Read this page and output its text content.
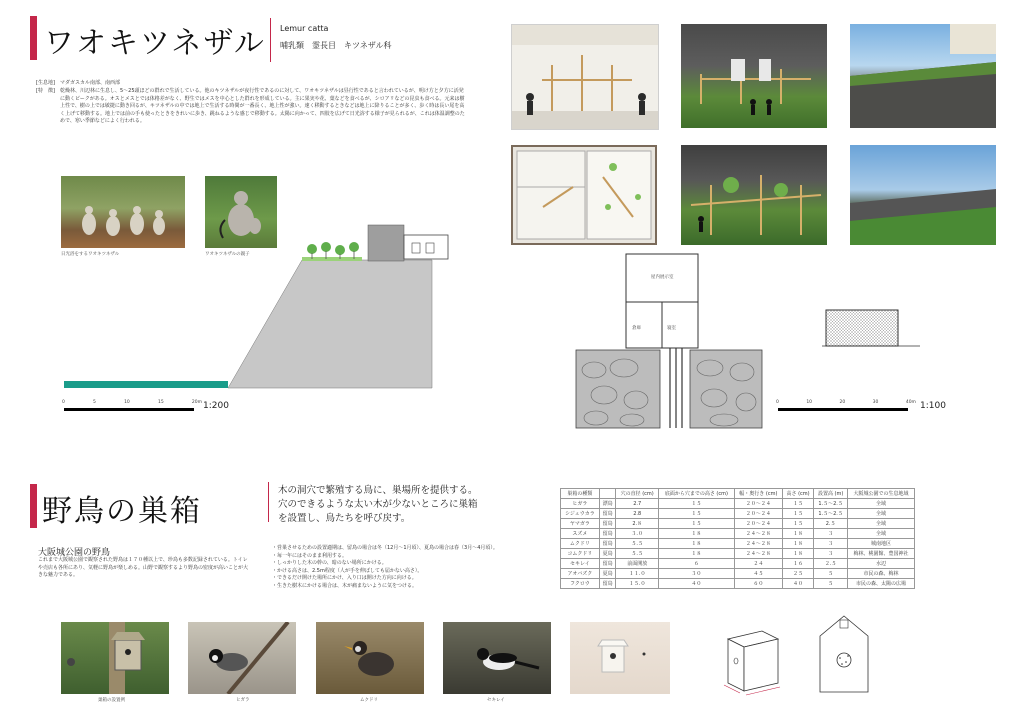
ワオキツネザル Lemur catta
哺乳類　霊長目　キツネザル科
[生息地] マダガスカル南部、南西部
[特　徴] 乾燥林、川辺林に生息し、5〜25頭ほどの群れで生活している。他のキツネザルが夜行性であるのに対して、ワオキツネザルは昼行性であると言われているが、明け方と夕方に活発に動くピークがある。オスとメスとでは体格差がなく、野生ではメスを中心とした群れを形成している。主に果実や花、葉などを食べるが、シロアリなどの昆虫も食べる。元来は樹上性で、樹の上では敏捷に動き回るが、キツネザルの中では地上で生活する時間が一番長く、地上性が強い。速く移動するときなどは地上に降りることが多く、歩く時は長い尾を高く上げて移動する。地上では前の手も使ったときをきれいに歩き、跳ねるような感じで移動する。太陽に向かって、四肢を広げて日光浴する様子が見られるが、これは体温調整のためで、寒い季節などによく行われる。
日光浴をするワオキツネザル	ワオキツネザルの親子
0	5	10	15	20m 1:200
屋内展示室
倉庫	寝室
0	10	20	30	40m 1:100
野鳥の巣箱
大阪城公園の野鳥
これまで大阪城公園で観察された野鳥は１７０種以上で、珍鳥も多数記録されている。トイレや売店も各所にあり、気軽に野鳥が楽しめる。山野で観察するより野鳥の密度が高いことが大きな魅力である。
木の洞穴で繁殖する鳥に、巣場所を提供する。
穴のできるような太い木が少ないところに巣箱
を設置し、鳥たちを呼び戻す。
・営巣させるための設置適期は、留鳥の場合は冬（12月〜1月頃）、夏鳥の場合は春（3月〜4月頃）。
・毎一年にはそのまま利用する。
・しっかりした木の幹の、暗のない場所にかける。
・かける高さは、2.5m程度（人が手を伸ばしても届かない高さ）。
・できるだけ開けた場所にかけ、入り口は開けた方向に向ける。
・生きた樹木にかける場合は、木が痛まないように気をつける。
巣箱の種類		穴の直径 (cm)	底面から穴までの高さ (cm)	幅・奥行き (cm)	高さ (cm)	設置高 (m)	大阪城公園での生息地域
ヒガラ	漂鳥	2.7	１５	２０〜２４	１５	1.５〜2.５	全域
シジュウカラ	留鳥	2.8	１５	２０〜２４	１５	1.５〜2.５	全域
ヤマガラ	留鳥	2.８	１５	２０〜２４	１５	2.５	全域
スズメ	留鳥	３.０	１８	２４〜２８	１８	３	全域
ムクドリ	留鳥	５.５	１８	２４〜２８	１８	３	城南地区
コムクドリ	夏鳥	５.５	１８	２４〜２８	１８	３	梅林、桃園館、豊国神社
セキレイ	留鳥	前面開放	６	２４	１６	２.５	水辺
アオバズク	夏鳥	１１.０	３０	４５	２５	５	市民の森、梅林
フクロウ	留鳥	１５.０	４０	６０	４０	５	市民の森、太陽の広場
巣箱の設置例	ヒガラ	ムクドリ	セキレイ
